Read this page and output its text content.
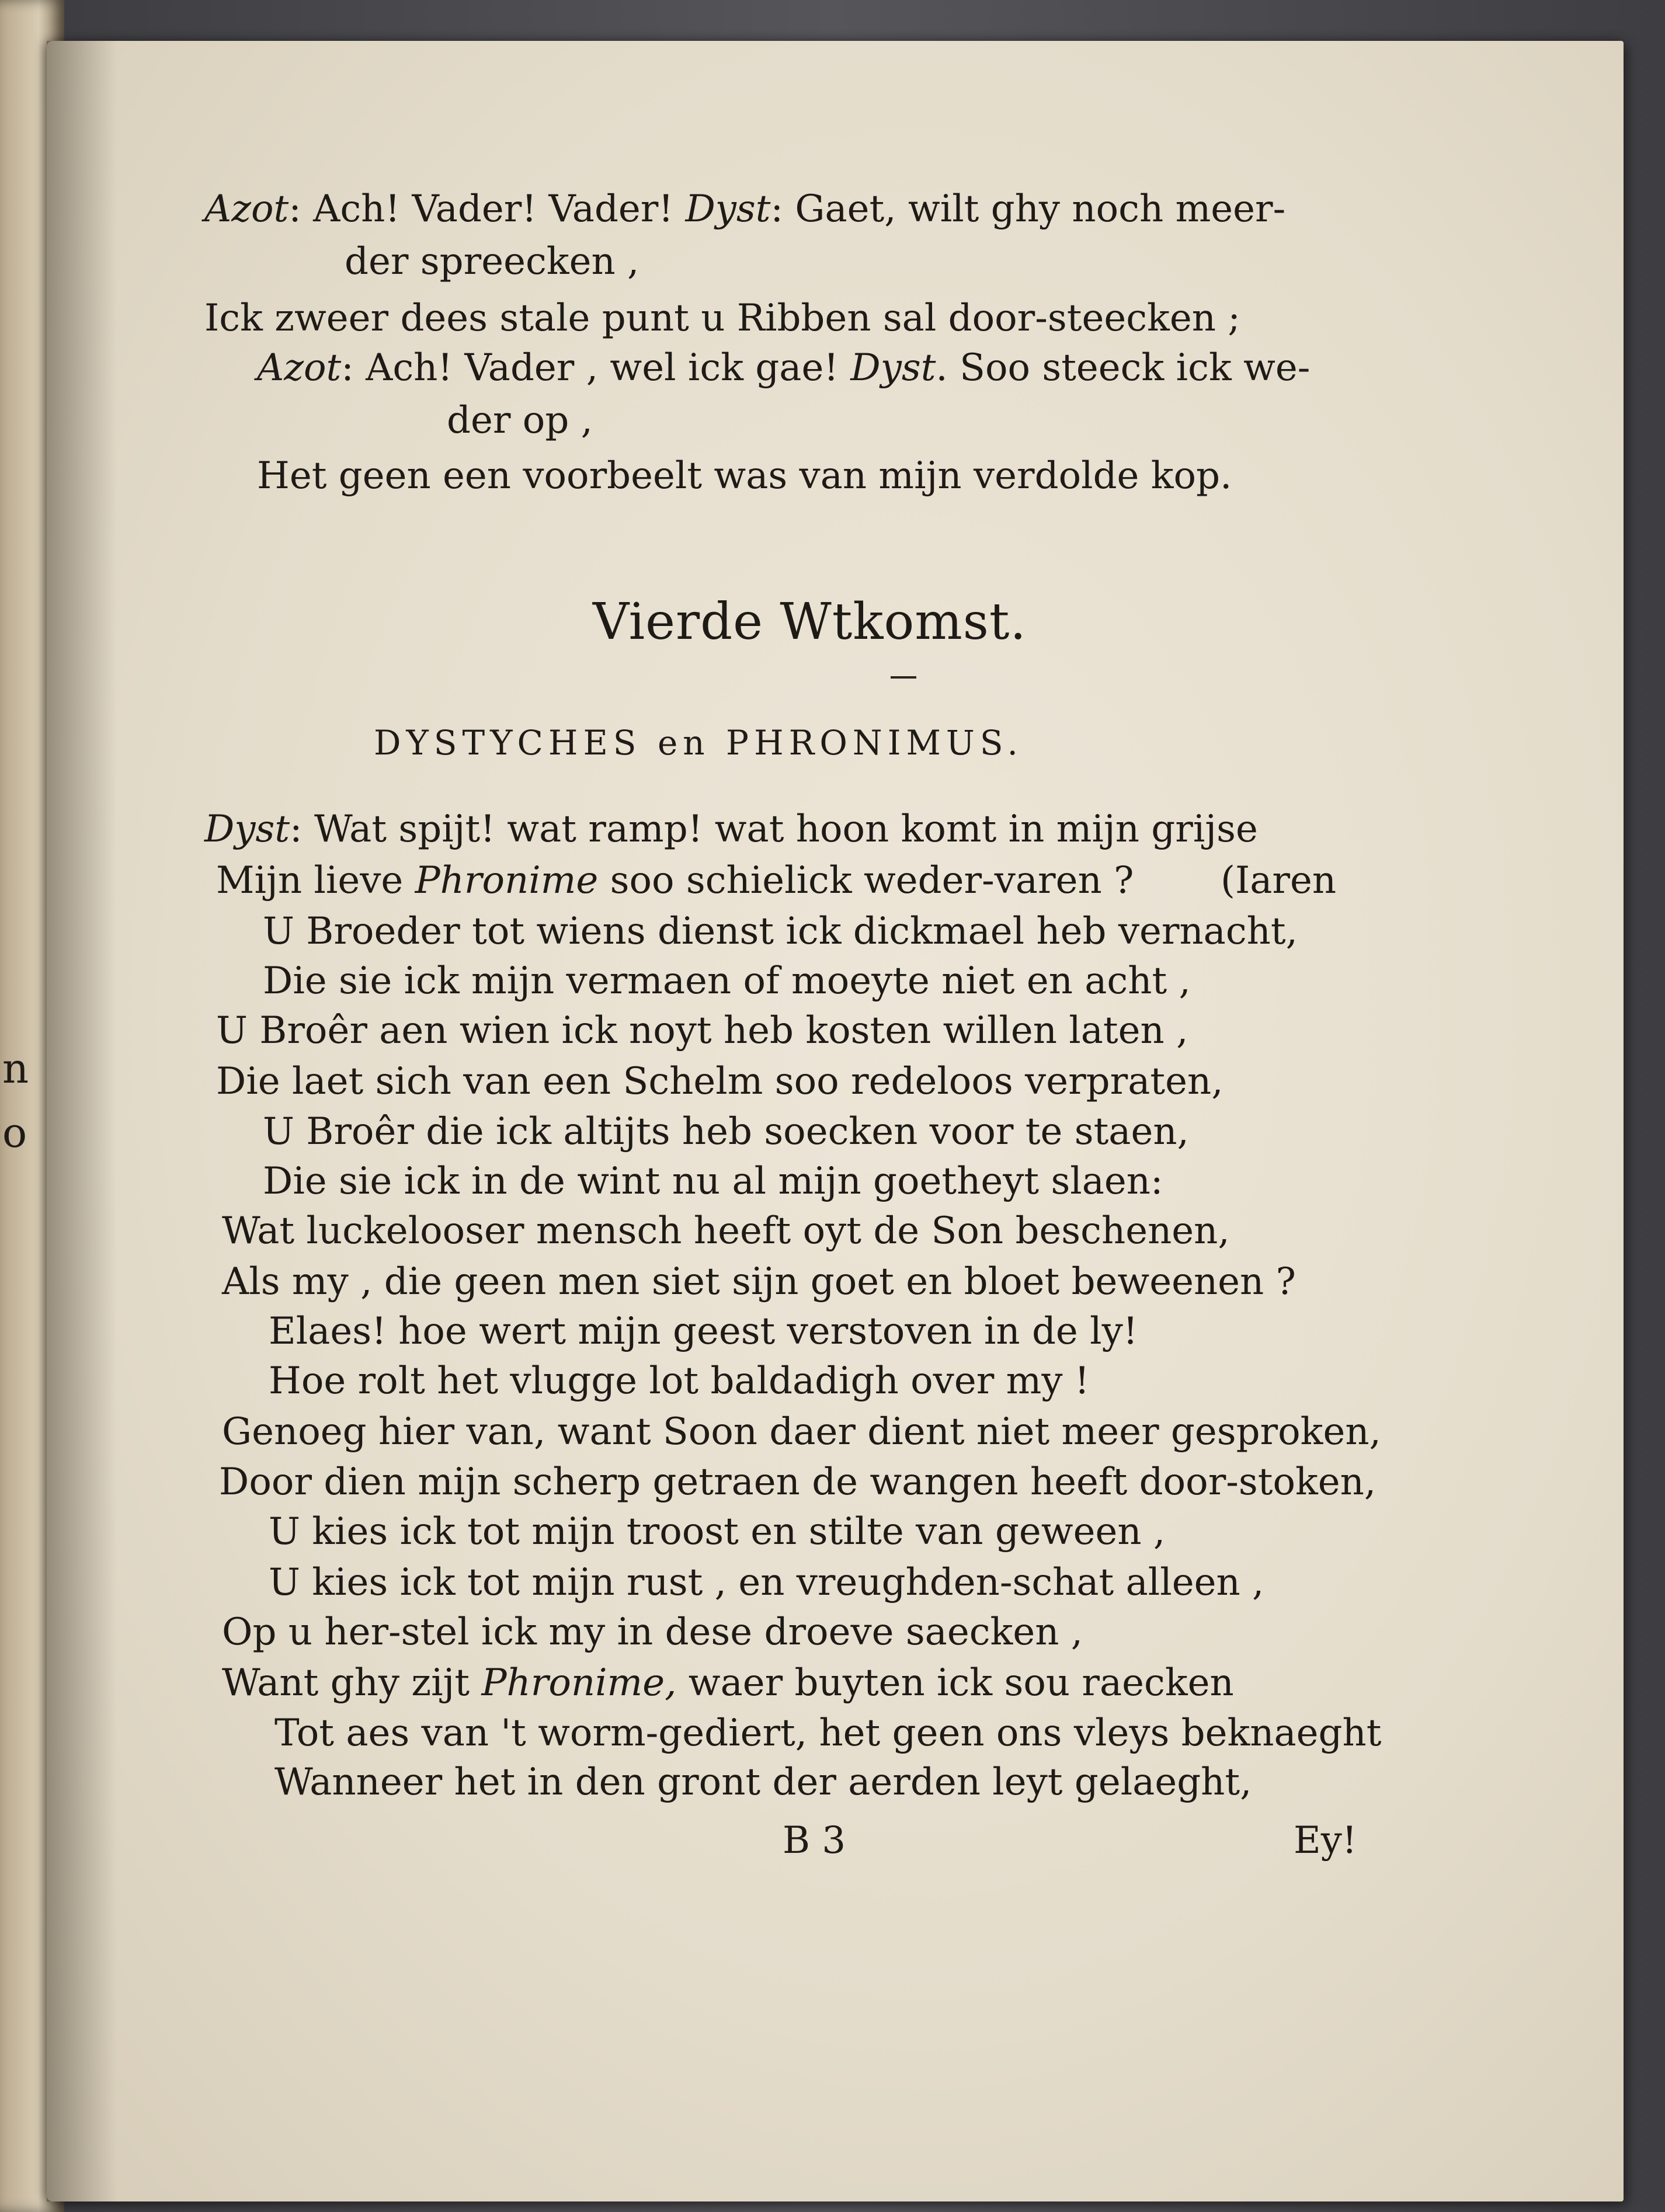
n
o
Azot: Ach! Vader! Vader! Dyst: Gaet, wilt ghy noch meer-
der spreecken ,
Ick zweer dees stale punt u Ribben sal door-steecken ;
Azot: Ach! Vader , wel ick gae! Dyst. Soo steeck ick we-
der op ,
Het geen een voorbeelt was van mijn verdolde kop.
Vierde Wtkomst.
DYSTYCHES en PHRONIMUS.
Dyst: Wat spijt! wat ramp! wat hoon komt in mijn grijse
Mijn lieve Phronime soo schielick weder-varen ? (Iaren
U Broeder tot wiens dienst ick dickmael heb vernacht,
Die sie ick mijn vermaen of moeyte niet en acht ,
U Broêr aen wien ick noyt heb kosten willen laten ,
Die laet sich van een Schelm soo redeloos verpraten,
U Broêr die ick altijts heb soecken voor te staen,
Die sie ick in de wint nu al mijn goetheyt slaen:
Wat luckelooser mensch heeft oyt de Son beschenen,
Als my , die geen men siet sijn goet en bloet beweenen ?
Elaes! hoe wert mijn geest verstoven in de ly!
Hoe rolt het vlugge lot baldadigh over my !
Genoeg hier van, want Soon daer dient niet meer gesproken,
Door dien mijn scherp getraen de wangen heeft door-stoken,
U kies ick tot mijn troost en stilte van geween ,
U kies ick tot mijn rust , en vreughden-schat alleen ,
Op u her-stel ick my in dese droeve saecken ,
Want ghy zijt Phronime, waer buyten ick sou raecken
Tot aes van 't worm-gediert, het geen ons vleys beknaeght
Wanneer het in den gront der aerden leyt gelaeght,
B 3	Ey!
